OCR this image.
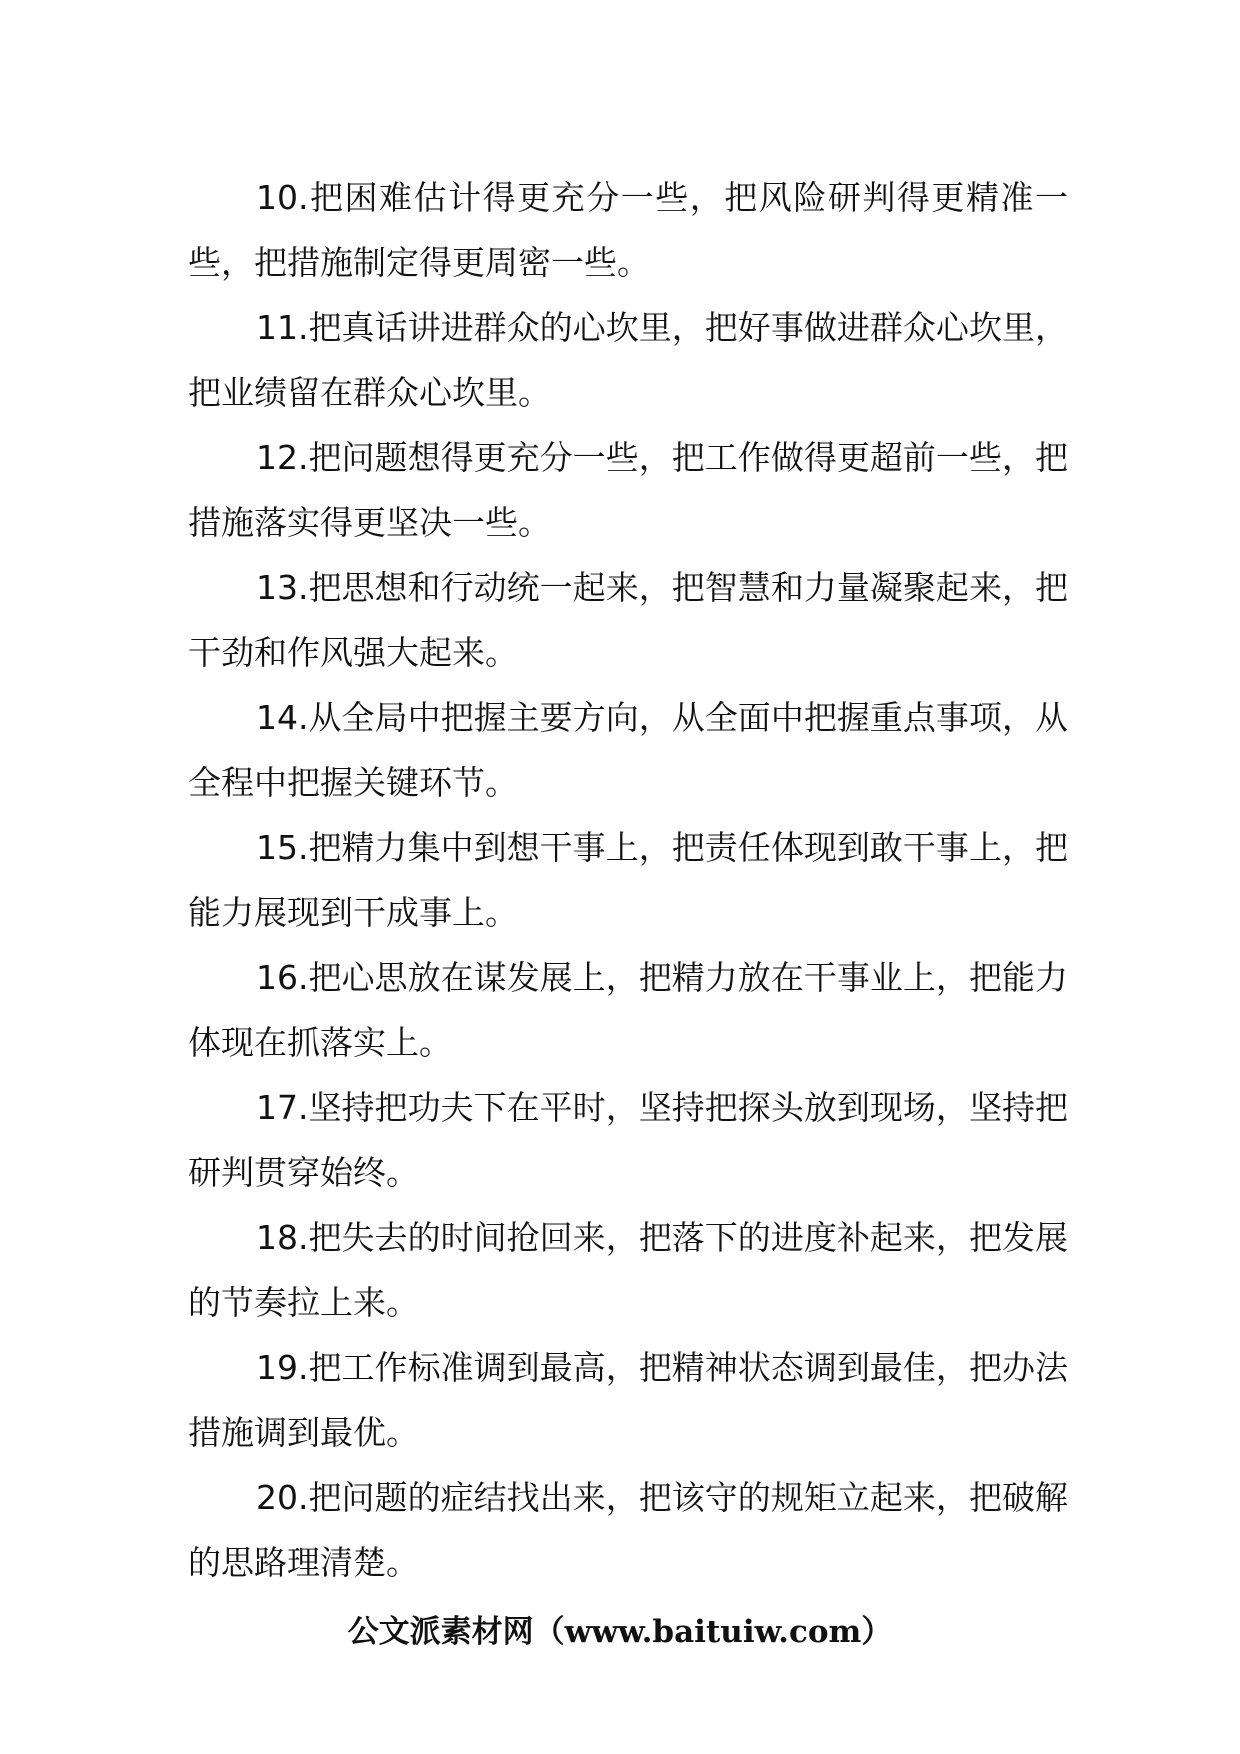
10.把困难估计得更充分一些，把风险研判得更精准一些，把措施制定得更周密一些。

11.把真话讲进群众的心坎里，把好事做进群众心坎里，把业绩留在群众心坎里。

12.把问题想得更充分一些，把工作做得更超前一些，把措施落实得更坚决一些。

13.把思想和行动统一起来，把智慧和力量凝聚起来，把干劲和作风强大起来。

14.从全局中把握主要方向，从全面中把握重点事项，从全程中把握关键环节。

15.把精力集中到想干事上，把责任体现到敢干事上，把能力展现到干成事上。

16.把心思放在谋发展上，把精力放在干事业上，把能力体现在抓落实上。

17.坚持把功夫下在平时，坚持把探头放到现场，坚持把研判贯穿始终。

18.把失去的时间抢回来，把落下的进度补起来，把发展的节奏拉上来。

19.把工作标准调到最高，把精神状态调到最佳，把办法措施调到最优。

20.把问题的症结找出来，把该守的规矩立起来，把破解的思路理清楚。

公文派素材网（www.baituiw.com）
